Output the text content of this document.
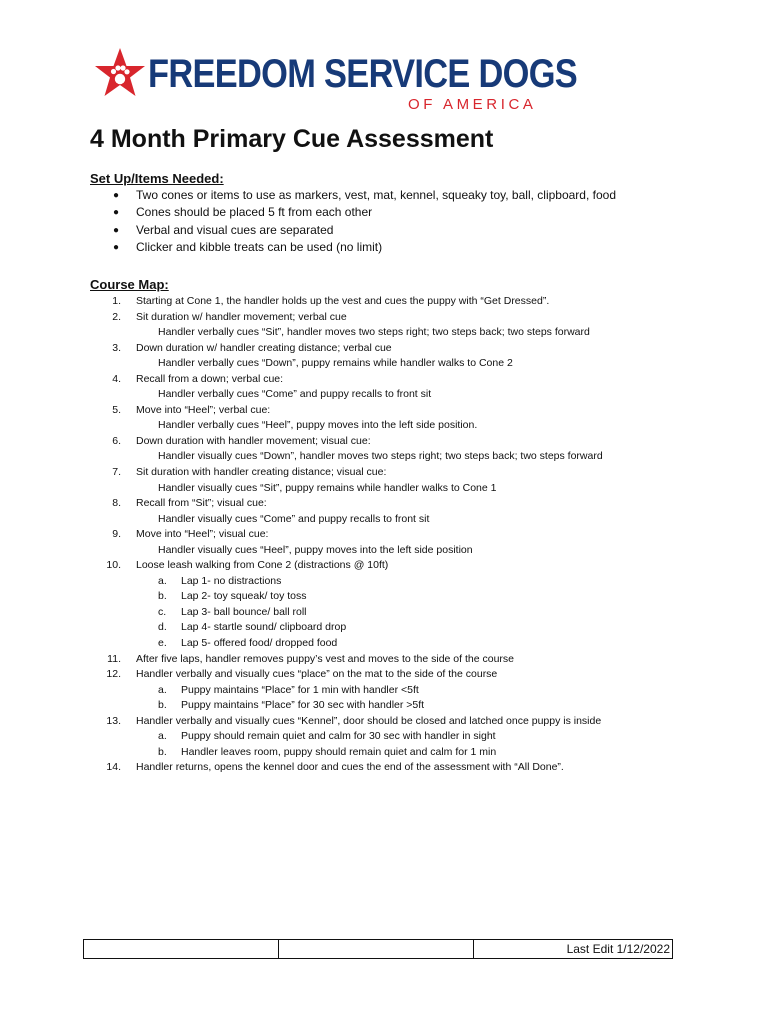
FREEDOM SERVICE DOGS
OF AMERICA
4 Month Primary Cue Assessment
Set Up/Items Needed:
● Two cones or items to use as markers, vest, mat, kennel, squeaky toy, ball, clipboard, food
● Cones should be placed 5 ft from each other
● Verbal and visual cues are separated
● Clicker and kibble treats can be used (no limit)
Course Map:
1. Starting at Cone 1, the handler holds up the vest and cues the puppy with “Get Dressed”.
2. Sit duration w/ handler movement; verbal cue
Handler verbally cues “Sit”, handler moves two steps right; two steps back; two steps forward
3. Down duration w/ handler creating distance; verbal cue
Handler verbally cues “Down”, puppy remains while handler walks to Cone 2
4. Recall from a down; verbal cue:
Handler verbally cues “Come” and puppy recalls to front sit
5. Move into “Heel”; verbal cue:
Handler verbally cues “Heel”, puppy moves into the left side position.
6. Down duration with handler movement; visual cue:
Handler visually cues “Down”, handler moves two steps right; two steps back; two steps forward
7. Sit duration with handler creating distance; visual cue:
Handler visually cues “Sit”, puppy remains while handler walks to Cone 1
8. Recall from “Sit”; visual cue:
Handler visually cues “Come” and puppy recalls to front sit
9. Move into “Heel”; visual cue:
Handler visually cues “Heel”, puppy moves into the left side position
10. Loose leash walking from Cone 2 (distractions @ 10ft)
a. Lap 1- no distractions
b. Lap 2- toy squeak/ toy toss
c. Lap 3- ball bounce/ ball roll
d. Lap 4- startle sound/ clipboard drop
e. Lap 5- offered food/ dropped food
11. After five laps, handler removes puppy’s vest and moves to the side of the course
12. Handler verbally and visually cues “place” on the mat to the side of the course
a. Puppy maintains “Place” for 1 min with handler <5ft
b. Puppy maintains “Place” for 30 sec with handler >5ft
13. Handler verbally and visually cues “Kennel”, door should be closed and latched once puppy is inside
a. Puppy should remain quiet and calm for 30 sec with handler in sight
b. Handler leaves room, puppy should remain quiet and calm for 1 min
14. Handler returns, opens the kennel door and cues the end of the assessment with “All Done”.
		Last Edit 1/12/2022
